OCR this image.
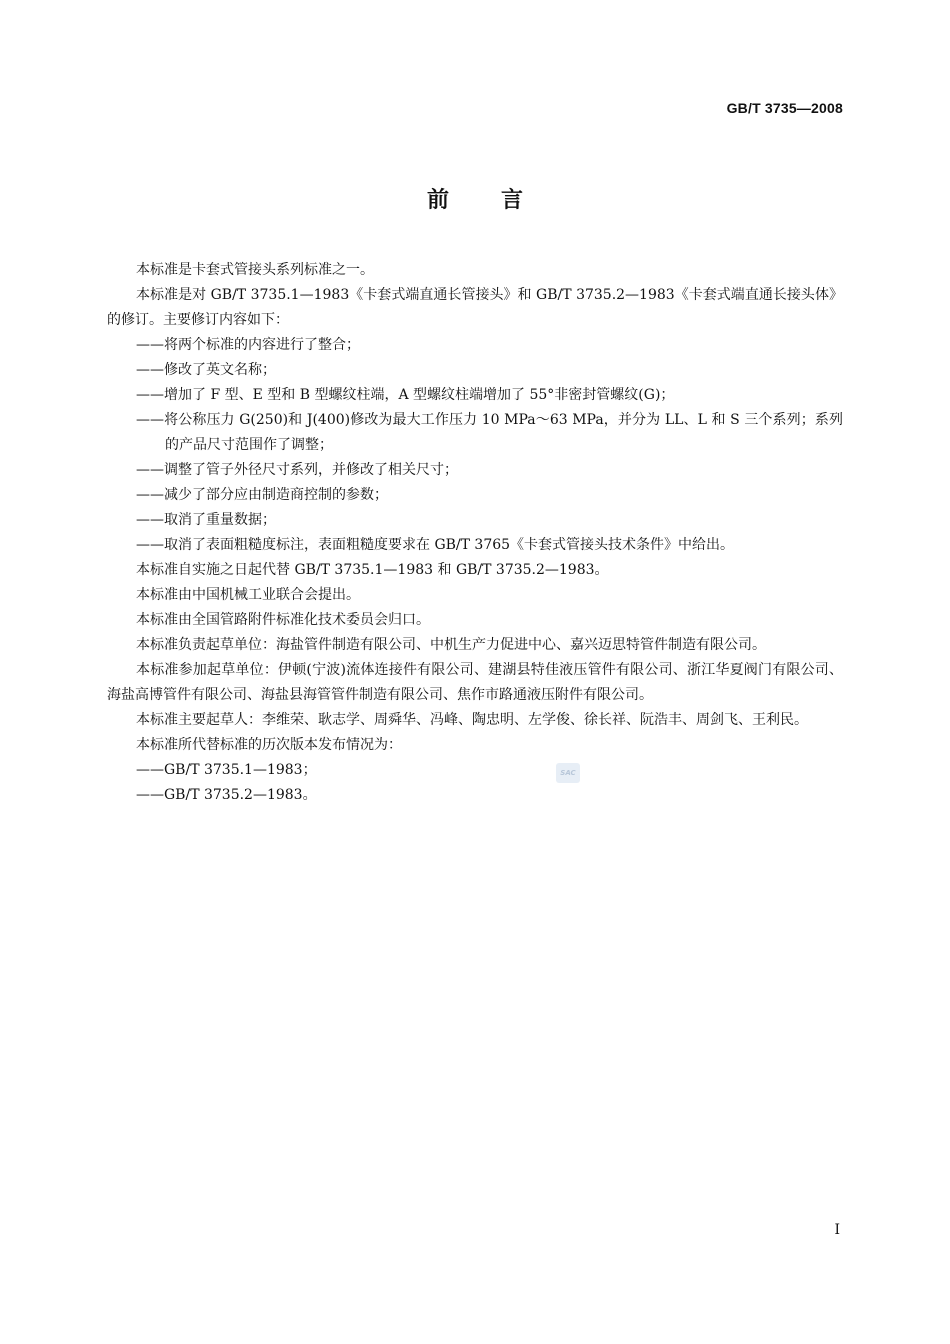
GB/T 3735—2008
前言

本标准是卡套式管接头系列标准之一。

本标准是对 GB/T 3735.1—1983《卡套式端直通长管接头》和 GB/T 3735.2—1983《卡套式端直通长接头体》的修订。主要修订内容如下：

——将两个标准的内容进行了整合；

——修改了英文名称；

——增加了 F 型、E 型和 B 型螺纹柱端，A 型螺纹柱端增加了 55°非密封管螺纹(G)；

——将公称压力 G(250)和 J(400)修改为最大工作压力 10 MPa～63 MPa，并分为 LL、L 和 S 三个系列；系列的产品尺寸范围作了调整；

——调整了管子外径尺寸系列，并修改了相关尺寸；

——减少了部分应由制造商控制的参数；

——取消了重量数据；

——取消了表面粗糙度标注，表面粗糙度要求在 GB/T 3765《卡套式管接头技术条件》中给出。

本标准自实施之日起代替 GB/T 3735.1—1983 和 GB/T 3735.2—1983。

本标准由中国机械工业联合会提出。

本标准由全国管路附件标准化技术委员会归口。

本标准负责起草单位：海盐管件制造有限公司、中机生产力促进中心、嘉兴迈思特管件制造有限公司。

本标准参加起草单位：伊顿(宁波)流体连接件有限公司、建湖县特佳液压管件有限公司、浙江华夏阀门有限公司、海盐高博管件有限公司、海盐县海管管件制造有限公司、焦作市路通液压附件有限公司。

本标准主要起草人：李维荣、耿志学、周舜华、冯峰、陶忠明、左学俊、徐长祥、阮浩丰、周剑飞、王利民。

本标准所代替标准的历次版本发布情况为：

——GB/T 3735.1—1983；

——GB/T 3735.2—1983。

SAC
I
